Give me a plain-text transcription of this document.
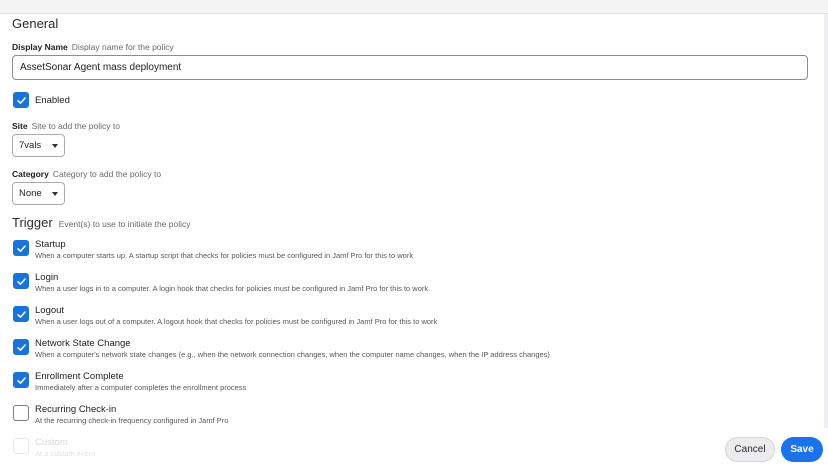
General
Display Name Display name for the policy
AssetSonar Agent mass deployment
Enabled
Site Site to add the policy to
7vals
Category Category to add the policy to
None
Trigger Event(s) to use to initiate the policy
Startup
When a computer starts up. A startup script that checks for policies must be configured in Jamf Pro for this to work
Login
When a user logs in to a computer. A login hook that checks for policies must be configured in Jamf Pro for this to work
Logout
When a user logs out of a computer. A logout hook that checks for policies must be configured in Jamf Pro for this to work
Network State Change
When a computer's network state changes (e.g., when the network connection changes, when the computer name changes, when the IP address changes)
Enrollment Complete
Immediately after a computer completes the enrollment process
Recurring Check-in
At the recurring check-in frequency configured in Jamf Pro
Cancel	Save
